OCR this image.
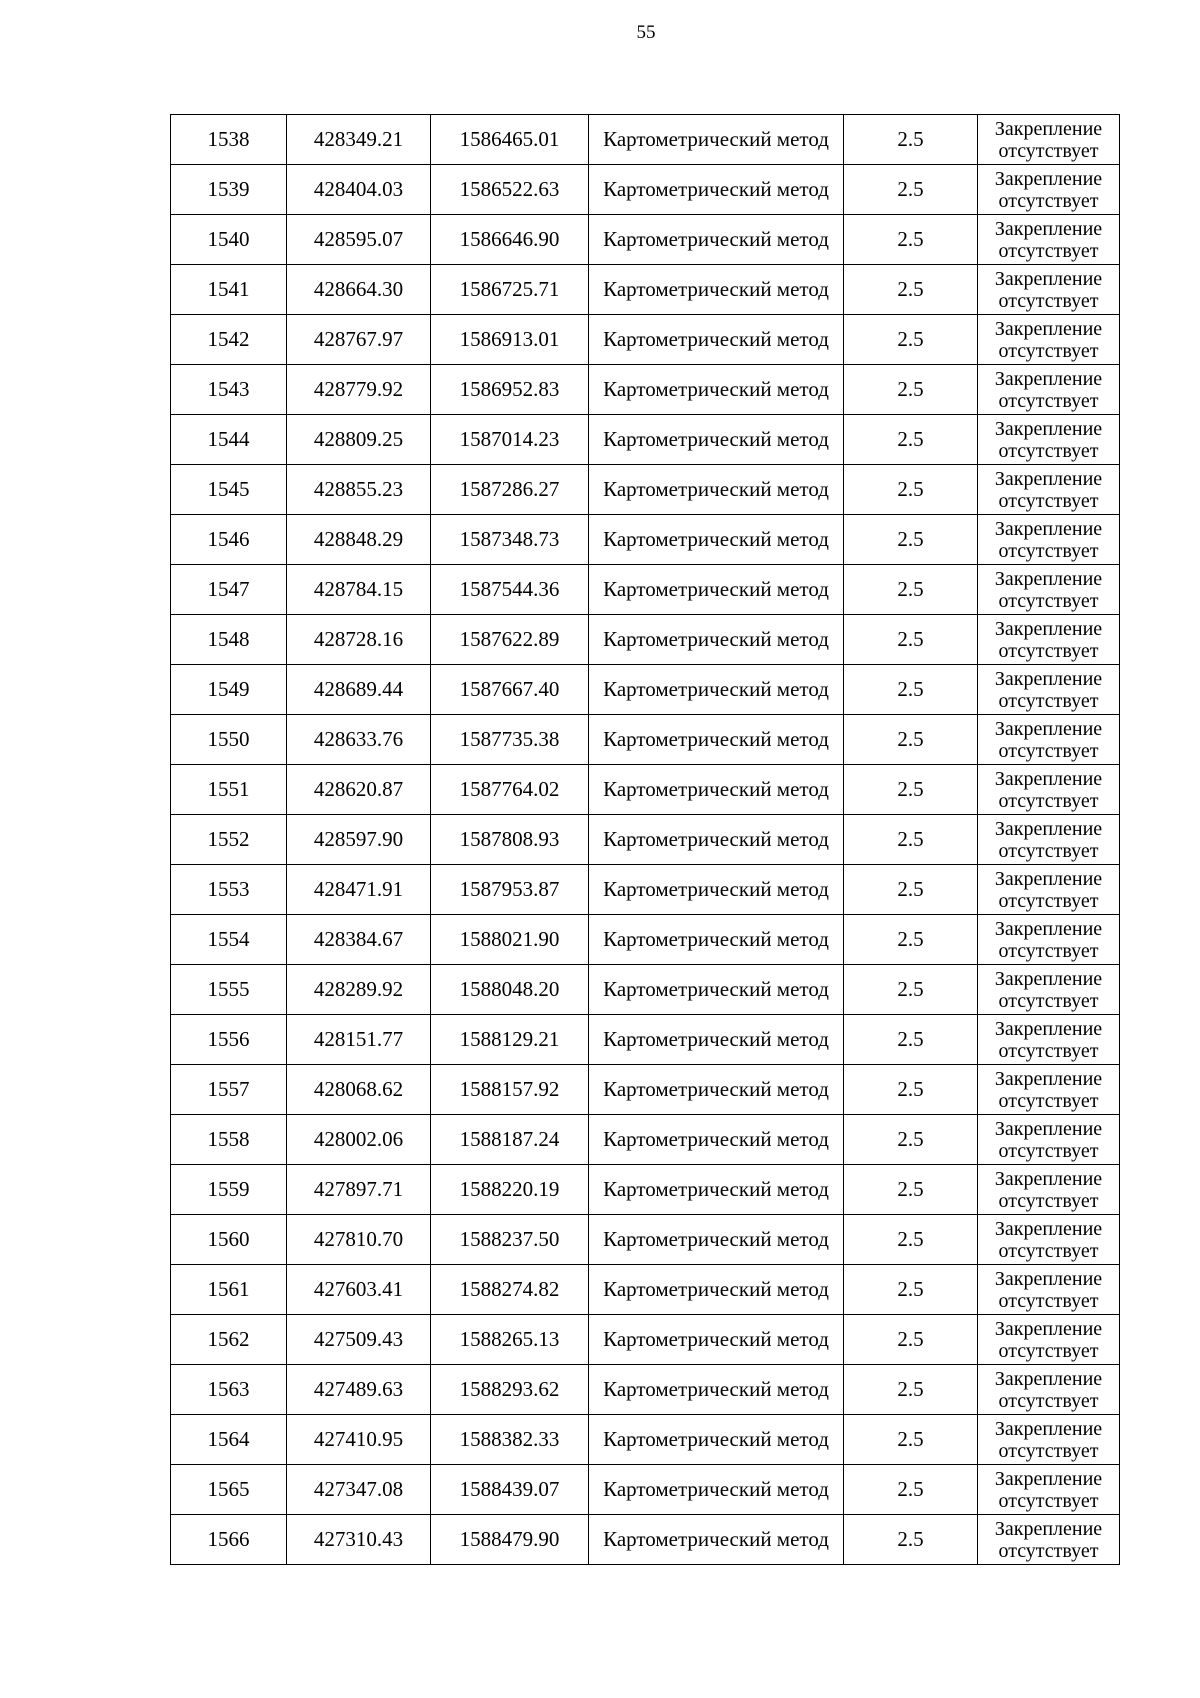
55
1538	428349.21	1586465.01	Картометрический метод	2.5	Закрепление
отсутствует

1539	428404.03	1586522.63	Картометрический метод	2.5	Закрепление
отсутствует

1540	428595.07	1586646.90	Картометрический метод	2.5	Закрепление
отсутствует

1541	428664.30	1586725.71	Картометрический метод	2.5	Закрепление
отсутствует

1542	428767.97	1586913.01	Картометрический метод	2.5	Закрепление
отсутствует

1543	428779.92	1586952.83	Картометрический метод	2.5	Закрепление
отсутствует

1544	428809.25	1587014.23	Картометрический метод	2.5	Закрепление
отсутствует

1545	428855.23	1587286.27	Картометрический метод	2.5	Закрепление
отсутствует

1546	428848.29	1587348.73	Картометрический метод	2.5	Закрепление
отсутствует

1547	428784.15	1587544.36	Картометрический метод	2.5	Закрепление
отсутствует

1548	428728.16	1587622.89	Картометрический метод	2.5	Закрепление
отсутствует

1549	428689.44	1587667.40	Картометрический метод	2.5	Закрепление
отсутствует

1550	428633.76	1587735.38	Картометрический метод	2.5	Закрепление
отсутствует

1551	428620.87	1587764.02	Картометрический метод	2.5	Закрепление
отсутствует

1552	428597.90	1587808.93	Картометрический метод	2.5	Закрепление
отсутствует

1553	428471.91	1587953.87	Картометрический метод	2.5	Закрепление
отсутствует

1554	428384.67	1588021.90	Картометрический метод	2.5	Закрепление
отсутствует

1555	428289.92	1588048.20	Картометрический метод	2.5	Закрепление
отсутствует

1556	428151.77	1588129.21	Картометрический метод	2.5	Закрепление
отсутствует

1557	428068.62	1588157.92	Картометрический метод	2.5	Закрепление
отсутствует

1558	428002.06	1588187.24	Картометрический метод	2.5	Закрепление
отсутствует

1559	427897.71	1588220.19	Картометрический метод	2.5	Закрепление
отсутствует

1560	427810.70	1588237.50	Картометрический метод	2.5	Закрепление
отсутствует

1561	427603.41	1588274.82	Картометрический метод	2.5	Закрепление
отсутствует

1562	427509.43	1588265.13	Картометрический метод	2.5	Закрепление
отсутствует

1563	427489.63	1588293.62	Картометрический метод	2.5	Закрепление
отсутствует

1564	427410.95	1588382.33	Картометрический метод	2.5	Закрепление
отсутствует

1565	427347.08	1588439.07	Картометрический метод	2.5	Закрепление
отсутствует

1566	427310.43	1588479.90	Картометрический метод	2.5	Закрепление
отсутствует
